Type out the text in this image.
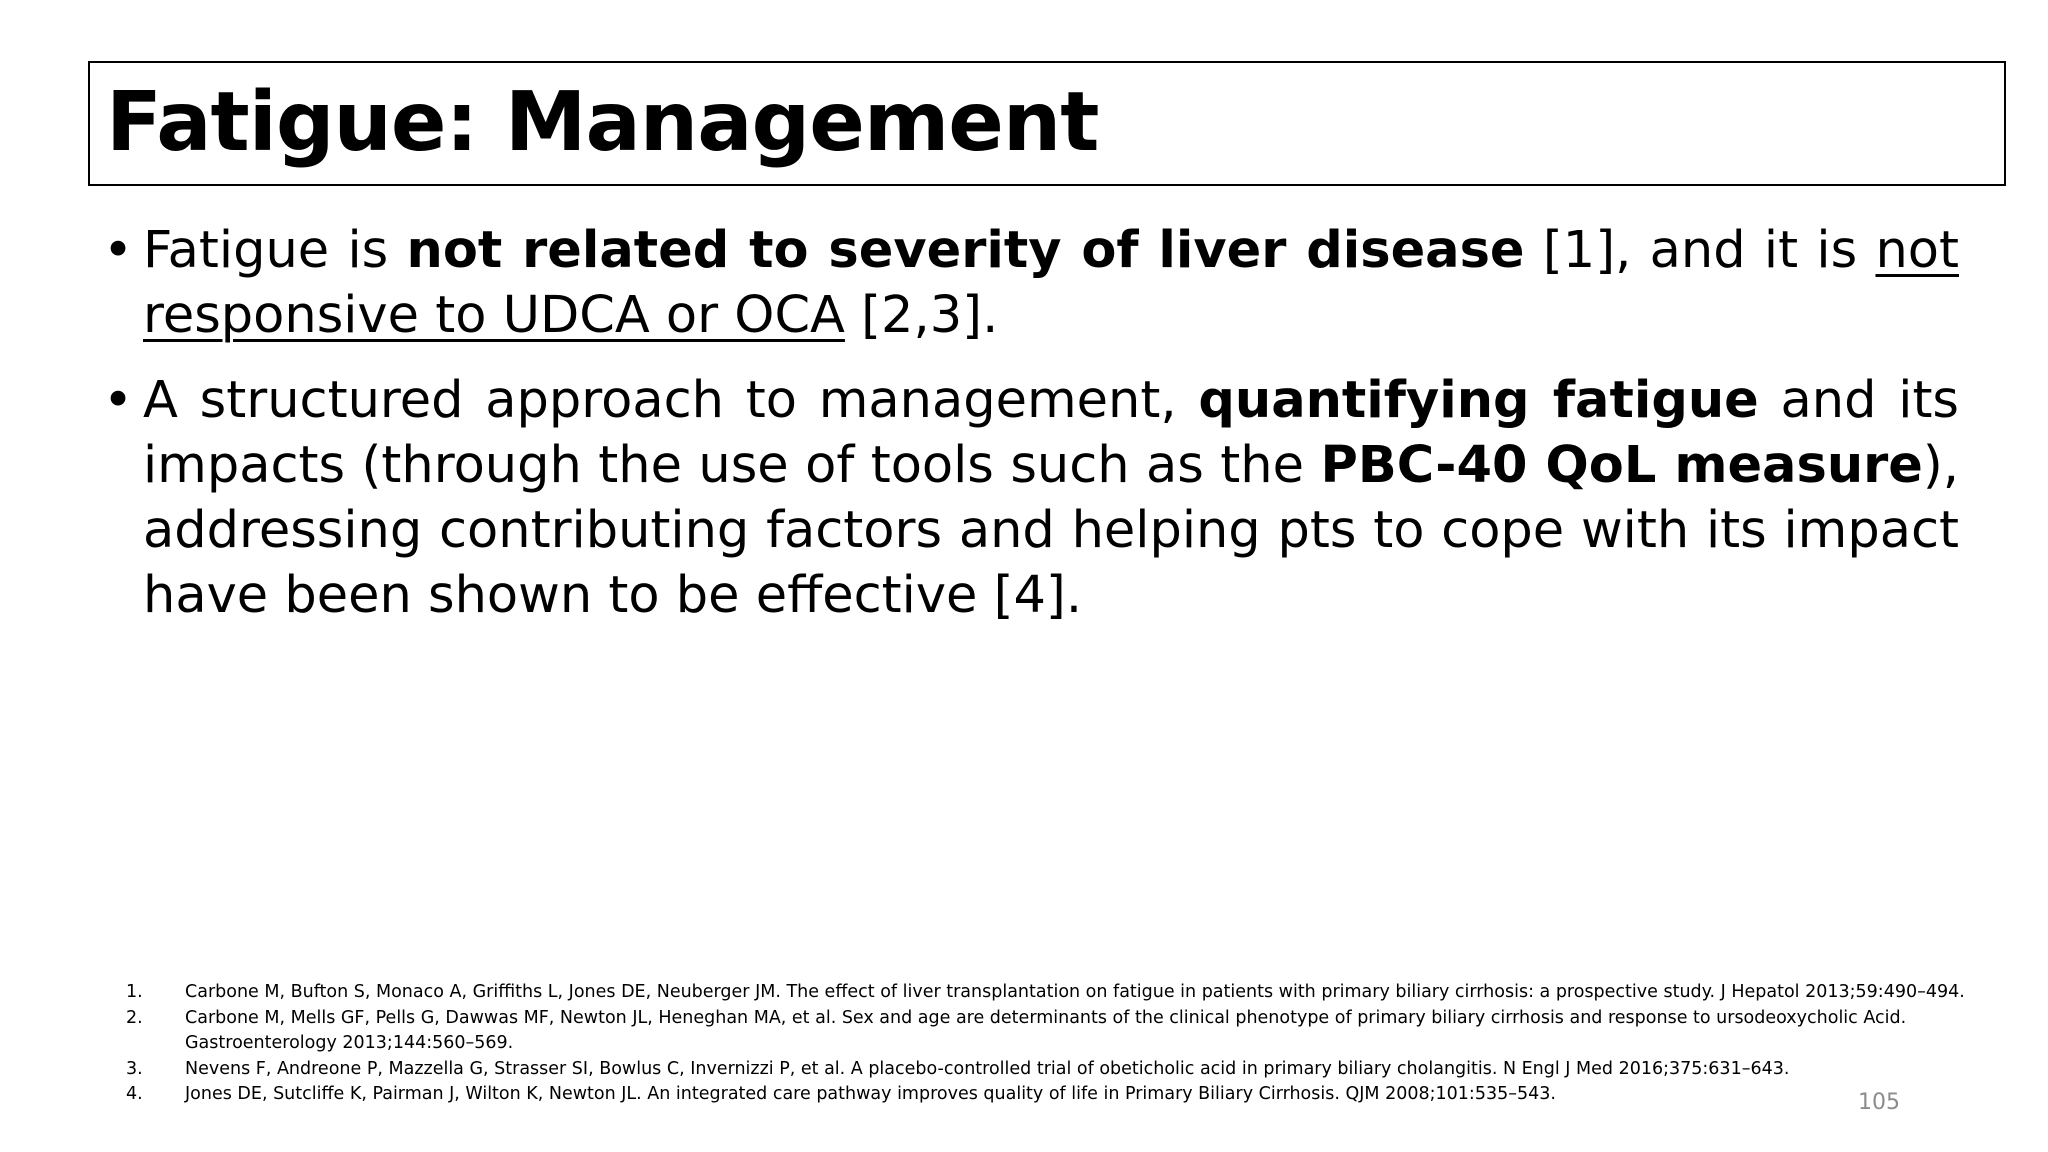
Fatigue: Management
• Fatigue is not related to severity of liver disease [1], and it is not responsive to UDCA or OCA [2,3].
• A structured approach to management, quantifying fatigue and its impacts (through the use of tools such as the PBC-40 QoL measure), addressing contributing factors and helping pts to cope with its impact have been shown to be effective [4].
1.	Carbone M, Bufton S, Monaco A, Griffiths L, Jones DE, Neuberger JM. The effect of liver transplantation on fatigue in patients with primary biliary cirrhosis: a prospective study. J Hepatol 2013;59:490–494.
2.	Carbone M, Mells GF, Pells G, Dawwas MF, Newton JL, Heneghan MA, et al. Sex and age are determinants of the clinical phenotype of primary biliary cirrhosis and response to ursodeoxycholic Acid. Gastroenterology 2013;144:560–569.
3.	Nevens F, Andreone P, Mazzella G, Strasser SI, Bowlus C, Invernizzi P, et al. A placebo-controlled trial of obeticholic acid in primary biliary cholangitis. N Engl J Med 2016;375:631–643.
4.	Jones DE, Sutcliffe K, Pairman J, Wilton K, Newton JL. An integrated care pathway improves quality of life in Primary Biliary Cirrhosis. QJM 2008;101:535–543.	105
